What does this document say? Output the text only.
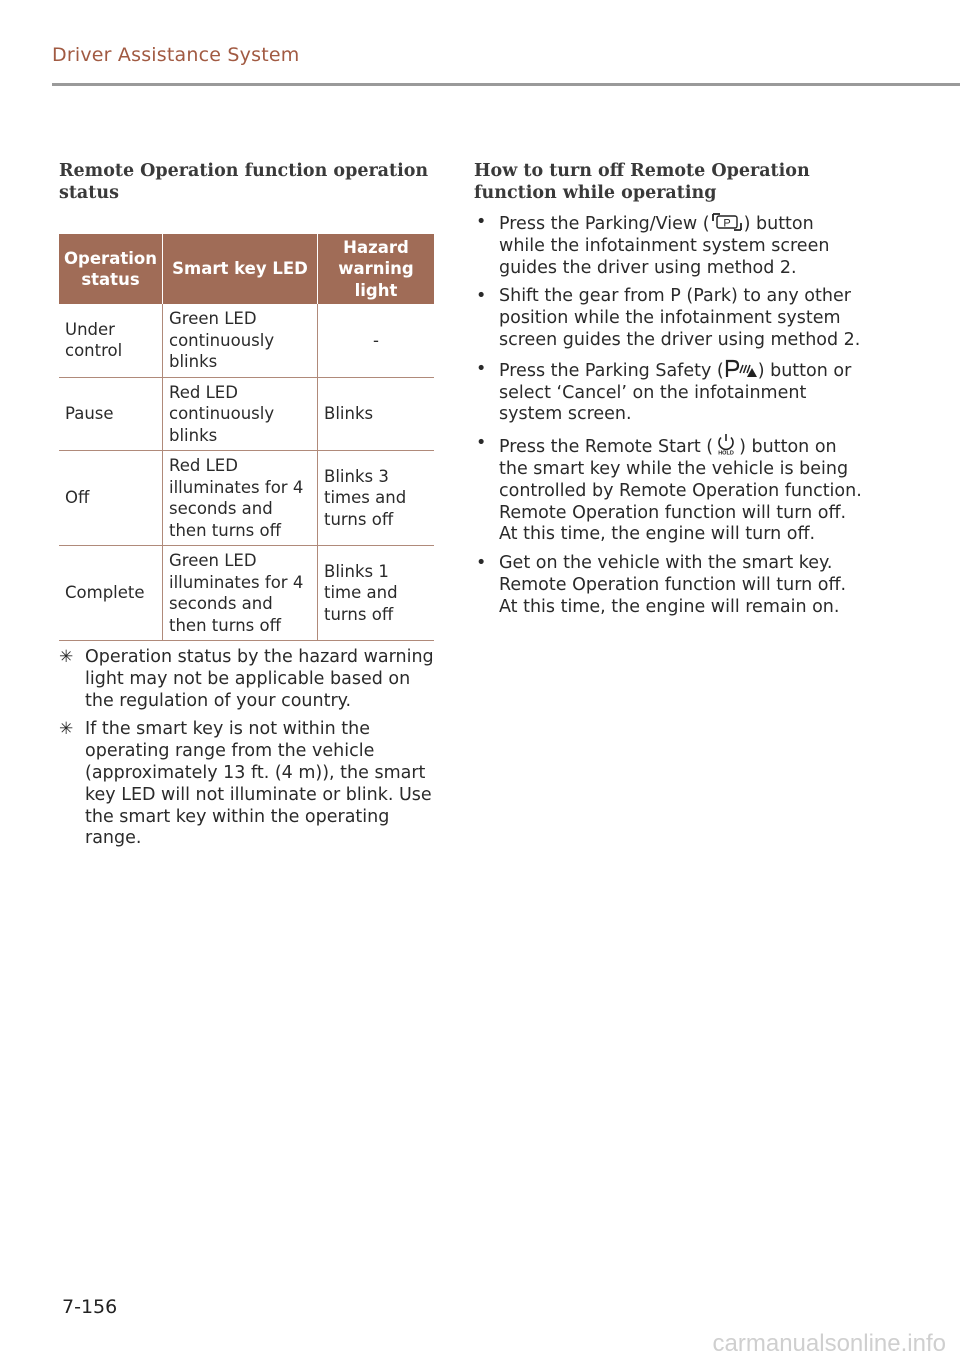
Driver Assistance System
Remote Operation function operation status
Operation status	Smart key LED	Hazard warning light
Under control	Green LED continuously blinks	-
Pause	Red LED continuously blinks	Blinks
Off	Red LED illuminates for 4 seconds and then turns off	Blinks 3 times and turns off
Complete	Green LED illuminates for 4 seconds and then turns off	Blinks 1 time and turns off
✳ Operation status by the hazard warning light may not be applicable based on the regulation of your country.
✳ If the smart key is not within the operating range from the vehicle (approximately 13 ft. (4 m)), the smart key LED will not illuminate or blink. Use the smart key within the operating range.
How to turn off Remote Operation function while operating
• Press the Parking/View ( P ) button while the infotainment system screen guides the driver using method 2.
• Shift the gear from P (Park) to any other position while the infotainment system screen guides the driver using method 2.
• Press the Parking Safety ( ) button or select ‘Cancel’ on the infotainment system screen.
• Press the Remote Start ( HOLD ) button on the smart key while the vehicle is being controlled by Remote Operation function. Remote Operation function will turn off. At this time, the engine will turn off.
• Get on the vehicle with the smart key. Remote Operation function will turn off. At this time, the engine will remain on.
7-156
carmanualsonline.info
